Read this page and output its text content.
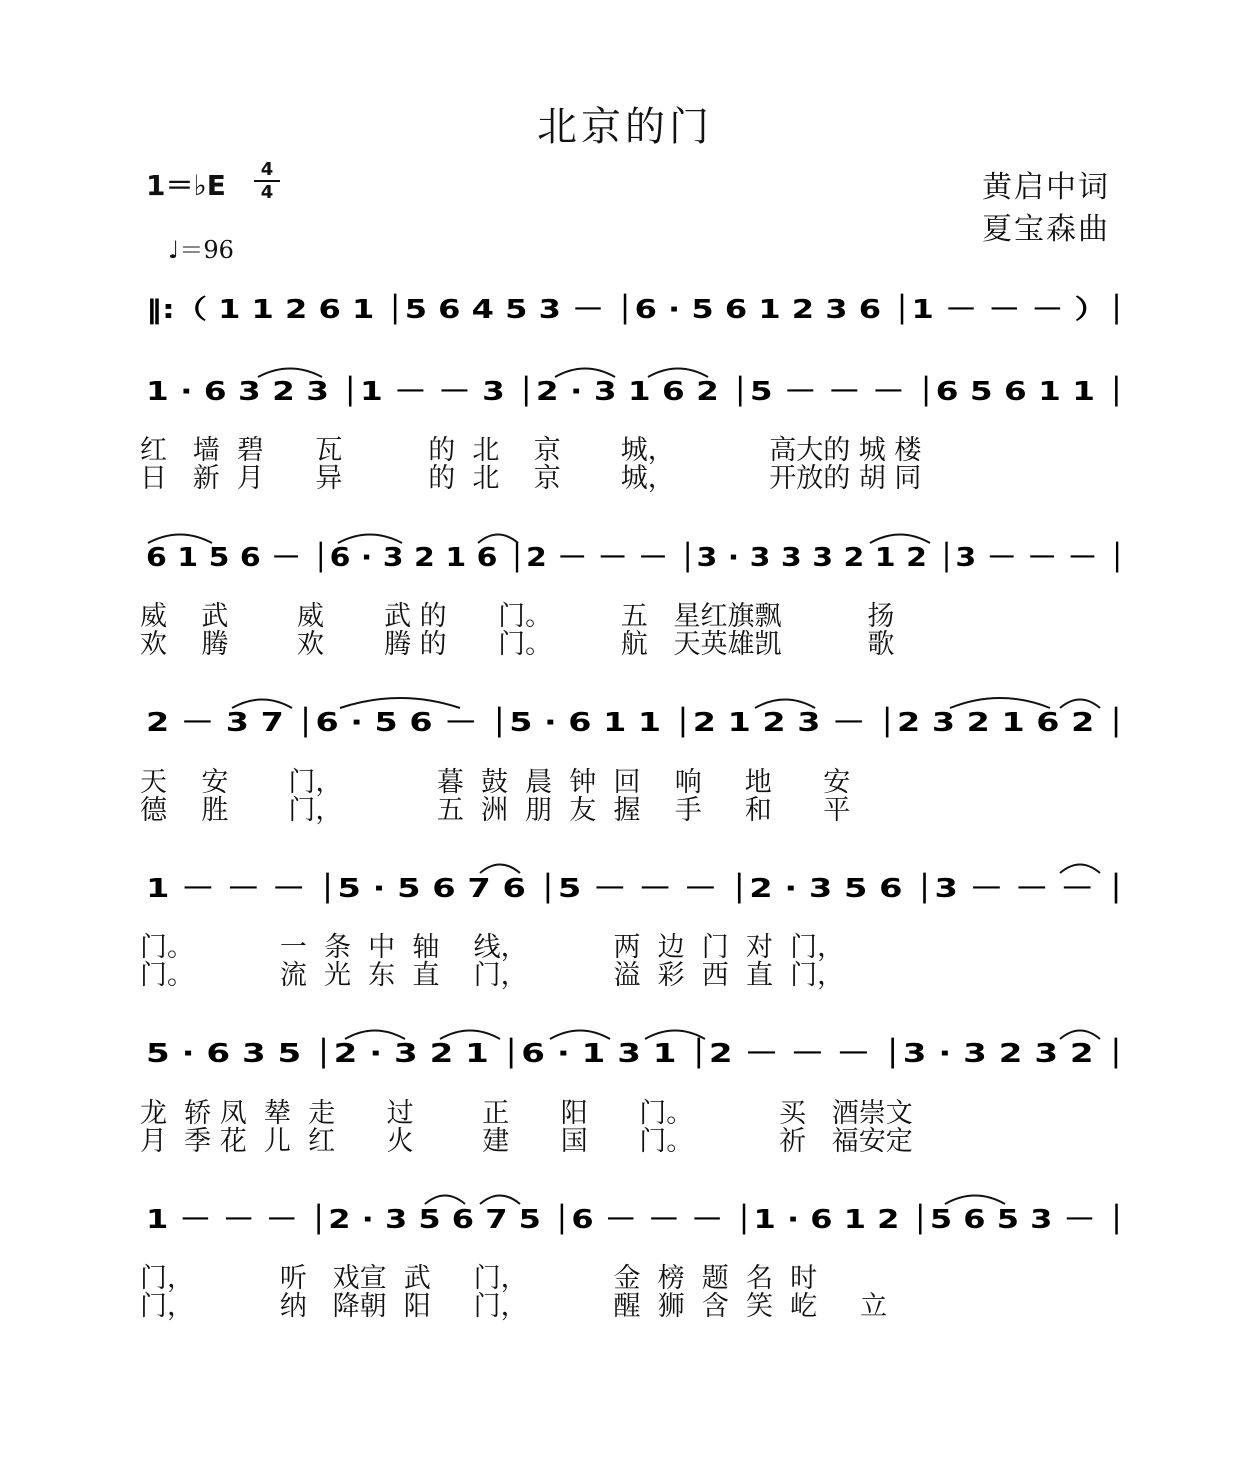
北京的门
1＝♭E	4
4
♩＝96
黄启中词
夏宝森曲
‖:（ 1 1 2 6 1 │5 6 4 5 3 － │6 · 5 6 1 2 3 6 │1 － － － ）│
1 · 6 3 2 3 │1 － － 3 │2 · 3 1 6 2 │5 － － － │6 5 6 1 1 │
6 1 5 6 － │6 · 3 2 1 6 │2 － － － │3 · 3 3 3 2 1 2 │3 － － － │
2 － 3 7 │6 · 5 6 － │5 · 6 1 1 │2 1 2 3 － │2 3 2 1 6 2 │
1 － － － │5 · 5 6 7 6 │5 － － － │2 · 3 5 6 │3 － － － │
5 · 6 3 5 │2 · 3 2 1 │6 · 1 3 1 │2 － － － │3 · 3 2 3 2 │
1 － － － │2 · 3 5 6 7 5 │6 － － － │1 · 6 1 2 │5 6 5 3 － │
红   墙  碧      瓦          的  北    京       城，           高大的 城 楼
日   新  月      异          的  北    京       城，           开放的 胡 同
威    武        威       武 的      门。        五   星红旗飘          扬
欢    腾        欢       腾 的      门。        航   天英雄凯          歌
天    安       门，           暮  鼓  晨  钟  回    响     地      安
德    胜       门，           五  洲  朋  友  握    手     和      平
门。          一  条  中  轴    线，          两  边  门  对  门，
门。          流  光  东  直    门，          溢  彩  西  直  门，
龙  轿 凤  辇  走      过        正      阳      门。          买   酒崇文
月  季 花  儿  红      火        建      国      门。          祈   福安定
门，          听   戏宣  武     门，          金  榜  题  名  时
门，          纳   降朝  阳     门，          醒  狮  含  笑  屹     立
